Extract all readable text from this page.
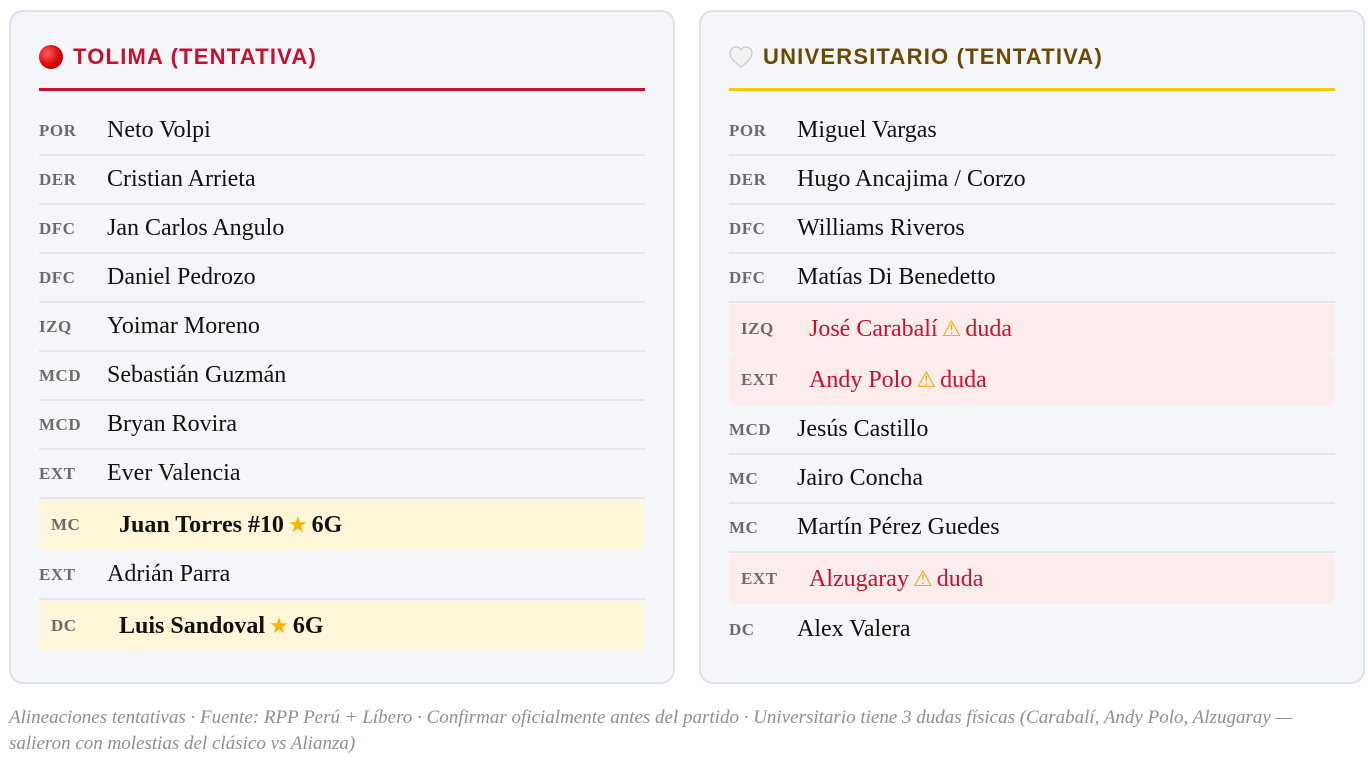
TOLIMA (TENTATIVA)
POR	Neto Volpi
DER	Cristian Arrieta
DFC	Jan Carlos Angulo
DFC	Daniel Pedrozo
IZQ	Yoimar Moreno
MCD	Sebastián Guzmán
MCD	Bryan Rovira
EXT	Ever Valencia
MC	Juan Torres #10 ★ 6G
EXT	Adrián Parra
DC	Luis Sandoval ★ 6G
UNIVERSITARIO (TENTATIVA)
POR	Miguel Vargas
DER	Hugo Ancajima / Corzo
DFC	Williams Riveros
DFC	Matías Di Benedetto
IZQ	José Carabalí ⚠ duda
EXT	Andy Polo ⚠ duda
MCD	Jesús Castillo
MC	Jairo Concha
MC	Martín Pérez Guedes
EXT	Alzugaray ⚠ duda
DC	Alex Valera

Alineaciones tentativas · Fuente: RPP Perú + Líbero · Confirmar oficialmente antes del partido · Universitario tiene 3 dudas físicas (Carabalí, Andy Polo, Alzugaray — salieron con molestias del clásico vs Alianza)
